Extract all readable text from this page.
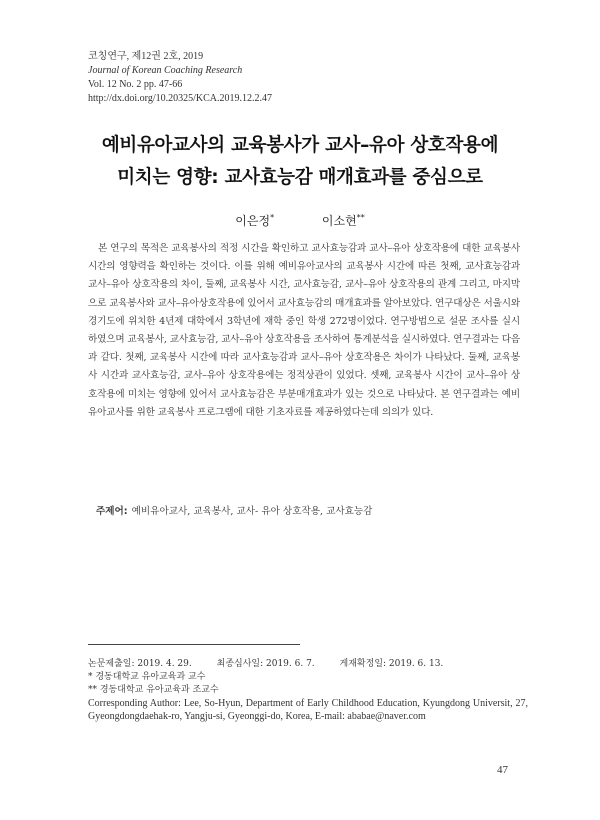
코칭연구, 제12권 2호, 2019
Journal of Korean Coaching Research
Vol. 12 No. 2 pp. 47-66
http://dx.doi.org/10.20325/KCA.2019.12.2.47
예비유아교사의 교육봉사가 교사–유아 상호작용에
미치는 영향: 교사효능감 매개효과를 중심으로
이은정*	이소현**

본 연구의 목적은 교육봉사의 적정 시간을 확인하고 교사효능감과 교사–유아 상호작용에 대한 교육봉사 시간의 영향력을 확인하는 것이다. 이를 위해 예비유아교사의 교육봉사 시간에 따른 첫째, 교사효능감과 교사–유아 상호작용의 차이, 둘째, 교육봉사 시간, 교사효능감, 교사–유아 상호작용의 관계 그리고, 마지막으로 교육봉사와 교사–유아상호작용에 있어서 교사효능감의 매개효과를 알아보았다. 연구대상은 서울시와 경기도에 위치한 4년제 대학에서 3학년에 재학 중인 학생 272명이었다. 연구방법으로 설문 조사를 실시하였으며 교육봉사, 교사효능감, 교사–유아 상호작용을 조사하여 통계분석을 실시하였다. 연구결과는 다음과 같다. 첫째, 교육봉사 시간에 따라 교사효능감과 교사–유아 상호작용은 차이가 나타났다. 둘째, 교육봉사 시간과 교사효능감, 교사–유아 상호작용에는 정적상관이 있었다. 셋째, 교육봉사 시간이 교사–유아 상호작용에 미치는 영향에 있어서 교사효능감은 부분매개효과가 있는 것으로 나타났다. 본 연구결과는 예비유아교사를 위한 교육봉사 프로그램에 대한 기초자료를 제공하였다는데 의의가 있다.

주제어: 예비유아교사, 교육봉사, 교사- 유아 상호작용, 교사효능감
논문제출일: 2019. 4. 29.	최종심사일: 2019. 6. 7.	게재확정일: 2019. 6. 13.
* 경동대학교 유아교육과 교수
** 경동대학교 유아교육과 조교수
Corresponding Author: Lee, So-Hyun, Department of Early Childhood Education, Kyungdong Universit, 27, Gyeongdongdaehak-ro, Yangju-si, Gyeonggi-do, Korea, E-mail: ababae@naver.com
47
